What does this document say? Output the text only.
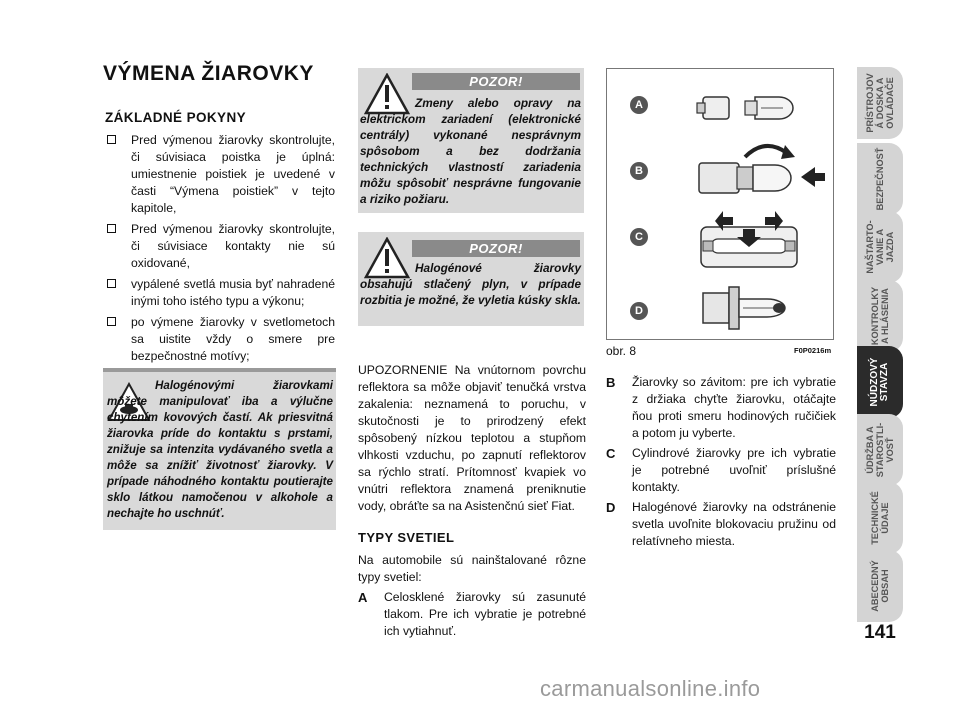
VÝMENA ŽIAROVKY
ZÁKLADNÉ POKYNY
Pred výmenou žiarovky skontrolujte, či súvisiaca poistka je úplná: umiestnenie poistiek je uvedené v časti “Výmena poistiek” v tejto kapitole,
Pred výmenou žiarovky skontrolujte, či súvisiace kontakty nie sú oxidované,
vypálené svetlá musia byť nahradené inými toho istého typu a výkonu;
po výmene žiarovky v svetlometoch sa uistite vždy o smere pre bezpečnostné motívy;
Halogénovými žiarovkami môžete manipulovať iba a výlučne chytením kovových častí. Ak priesvitná žiarovka príde do kontaktu s prstami, znižuje sa intenzita vydávaného svetla a môže sa znížiť životnosť žiarovky. V prípade náhodného kontaktu poutierajte sklo látkou namočenou v alkohole a nechajte ho uschnúť.
POZOR!
Zmeny alebo opravy na elektrickom zariadení (elektronické centrály) vykonané nesprávnym spôsobom a bez dodržania technických vlastností zariadenia môžu spôsobiť nesprávne fungovanie a riziko požiaru.
POZOR!
Halogénové žiarovky obsahujú stlačený plyn, v prípade rozbitia je možné, že vyletia kúsky skla.
UPOZORNENIE Na vnútornom povrchu reflektora sa môže objaviť tenučká vrstva zakalenia: neznamená to poruchu, v skutočnosti je to prirodzený efekt spôsobený nízkou teplotou a stupňom vlhkosti vzduchu, po zapnutí reflektorov sa rýchlo stratí. Prítomnosť kvapiek vo vnútri reflektora znamená preniknutie vody, obráťte sa na Asistenčnú sieť Fiat.
TYPY SVETIEL
Na automobile sú nainštalované rôzne typy svetiel:
A Celosklené žiarovky sú zasunuté tlakom. Pre ich vybratie je potrebné ich vytiahnuť.
A
B
C
D
obr. 8	F0P0216m
B Žiarovky so závitom: pre ich vybratie z držiaka chyťte žiarovku, otáčajte ňou proti smeru hodinových ručičiek a potom ju vyberte.
C Cylindrové žiarovky pre ich vybratie je potrebné uvoľniť príslušné kontakty.
D Halogénové žiarovky na odstránenie svetla uvoľnite blokovaciu pružinu od relatívneho miesta.
PRÍSTROJOV
Á DOSKA A
OVLÁDAČE
BEZPEČNOSŤ
NAŠTARTO-
VANIE A
JAZDA
KONTROLKY
A HLÁSENIA
NÚDZOVÝ
STAVZA
ÚDRŽBA A
STAROSTLI-
VOSŤ
TECHNICKÉ
ÚDAJE
ABECEDNÝ
OBSAH
141
carmanualsonline.info
